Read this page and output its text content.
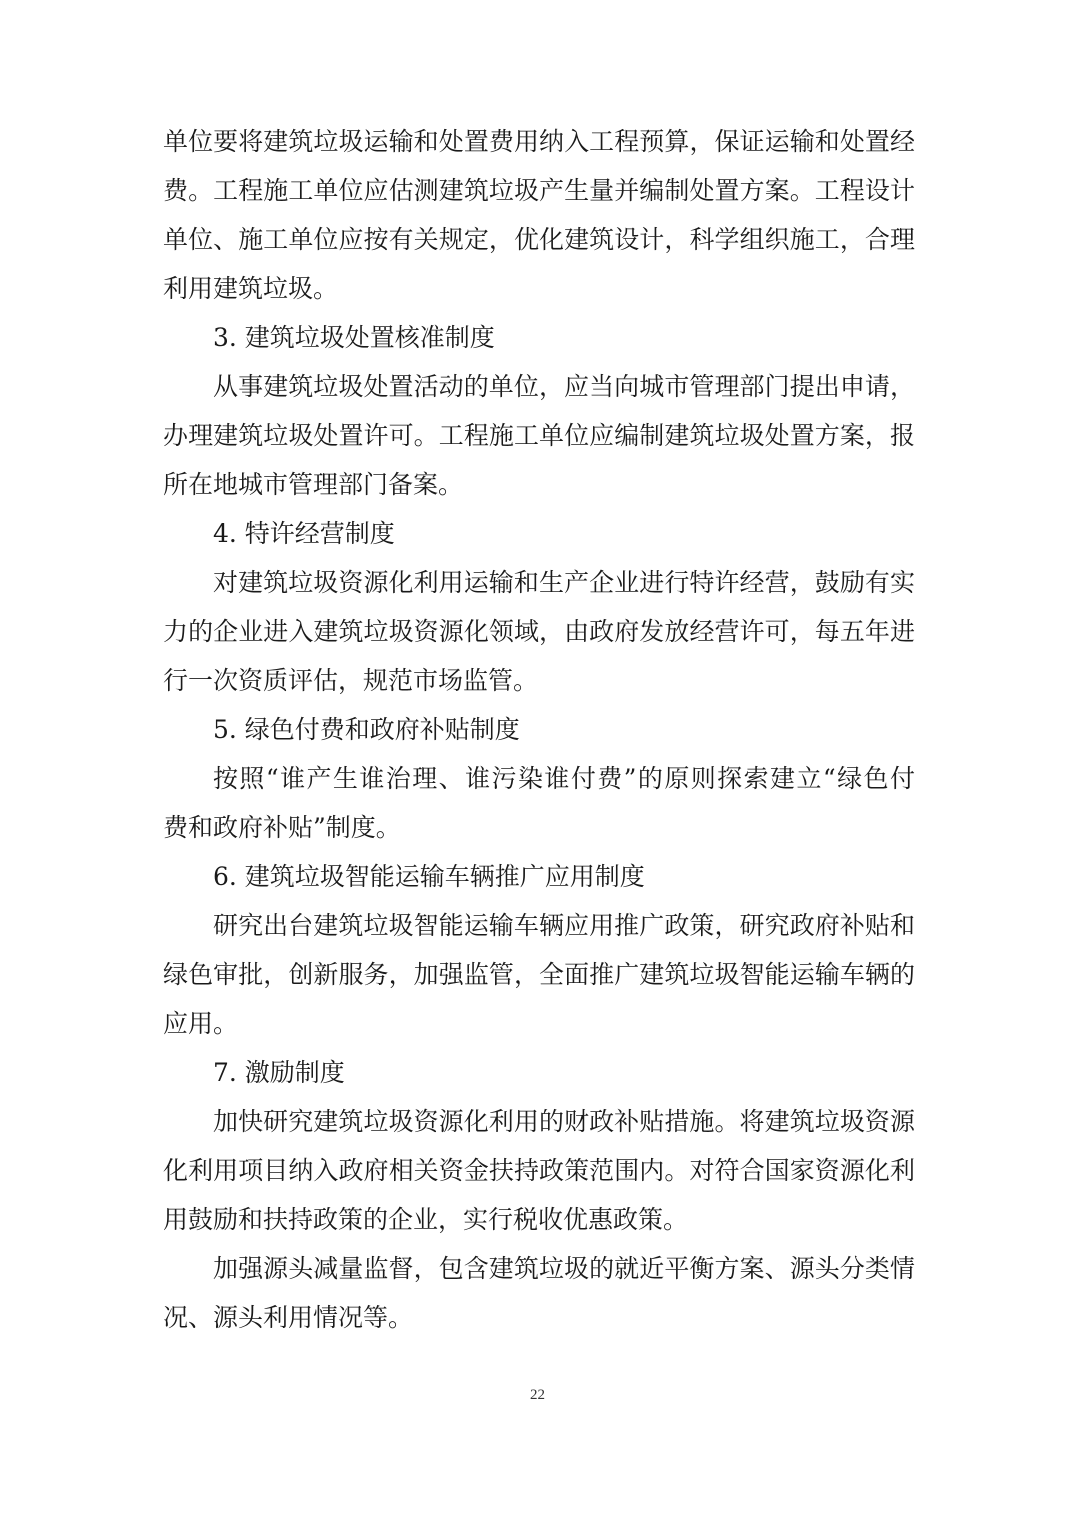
单位要将建筑垃圾运输和处置费用纳入工程预算，保证运输和处置经
费。工程施工单位应估测建筑垃圾产生量并编制处置方案。工程设计
单位、施工单位应按有关规定，优化建筑设计，科学组织施工，合理
利用建筑垃圾。
3. 建筑垃圾处置核准制度
从事建筑垃圾处置活动的单位，应当向城市管理部门提出申请，
办理建筑垃圾处置许可。工程施工单位应编制建筑垃圾处置方案，报
所在地城市管理部门备案。
4. 特许经营制度
对建筑垃圾资源化利用运输和生产企业进行特许经营，鼓励有实
力的企业进入建筑垃圾资源化领域，由政府发放经营许可，每五年进
行一次资质评估，规范市场监管。
5. 绿色付费和政府补贴制度
按照“谁产生谁治理、谁污染谁付费”的原则探索建立“绿色付
费和政府补贴”制度。
6. 建筑垃圾智能运输车辆推广应用制度
研究出台建筑垃圾智能运输车辆应用推广政策，研究政府补贴和
绿色审批，创新服务，加强监管，全面推广建筑垃圾智能运输车辆的
应用。
7. 激励制度
加快研究建筑垃圾资源化利用的财政补贴措施。将建筑垃圾资源
化利用项目纳入政府相关资金扶持政策范围内。对符合国家资源化利
用鼓励和扶持政策的企业，实行税收优惠政策。
加强源头减量监督，包含建筑垃圾的就近平衡方案、源头分类情
况、源头利用情况等。
22
